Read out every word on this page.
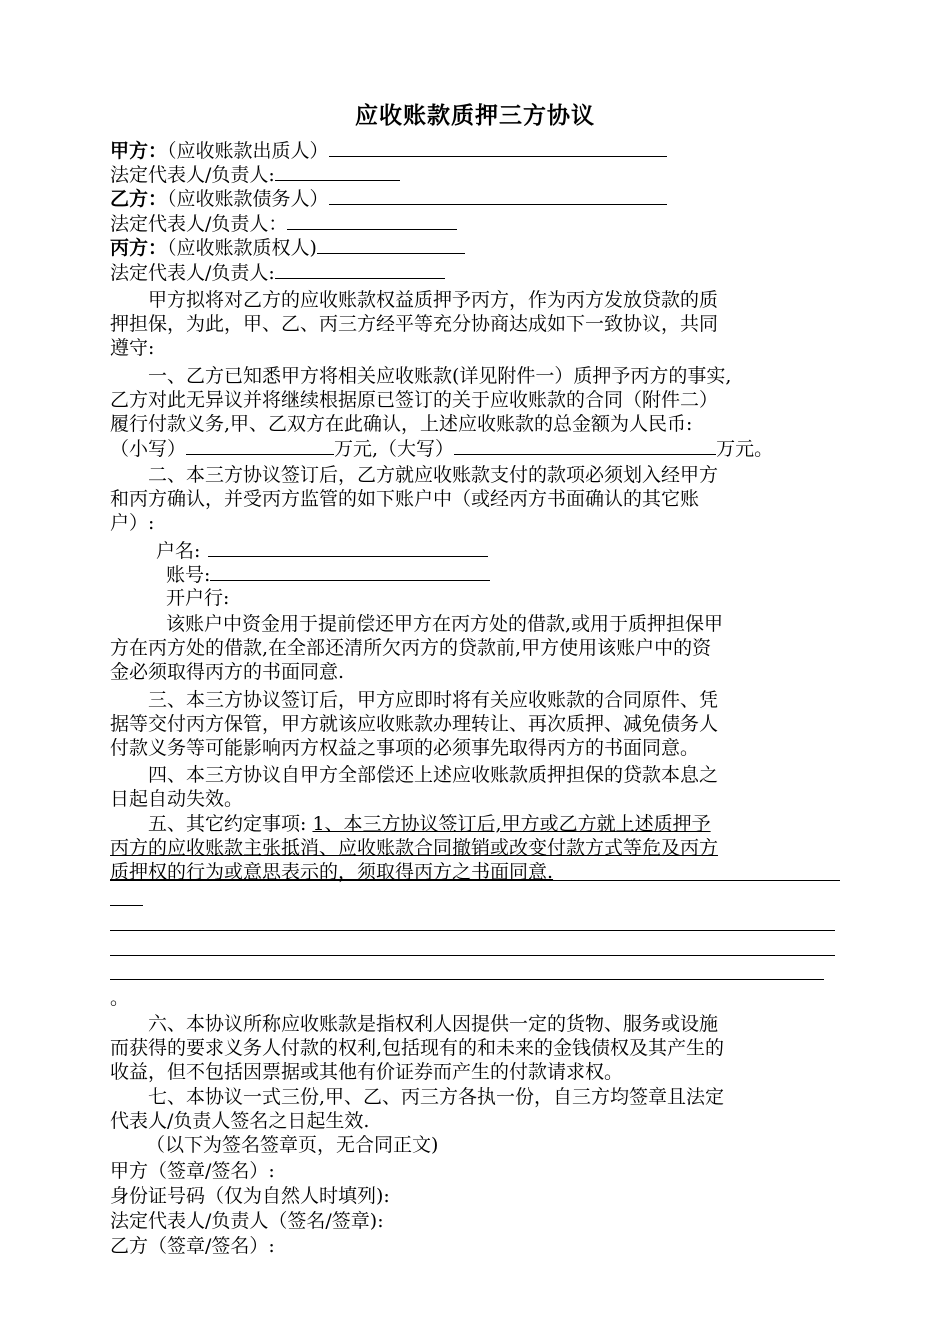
应收账款质押三方协议
甲方：（应收账款出质人）
法定代表人/负责人:
乙方：（应收账款债务人）
法定代表人/负责人：
丙方：（应收账款质权人)
法定代表人/负责人:
　　甲方拟将对乙方的应收账款权益质押予丙方，作为丙方发放贷款的质
押担保，为此，甲、乙、丙三方经平等充分协商达成如下一致协议，共同
遵守:
　　一、乙方已知悉甲方将相关应收账款(详见附件一）质押予丙方的事实,
乙方对此无异议并将继续根据原已签订的关于应收账款的合同（附件二）
履行付款义务,甲、乙双方在此确认，上述应收账款的总金额为人民币:
（小写）	万元,（大写）	万元。
　　二、本三方协议签订后，乙方就应收账款支付的款项必须划入经甲方
和丙方确认，并受丙方监管的如下账户中（或经丙方书面确认的其它账
户）:
户名:
账号:
开户行:
该账户中资金用于提前偿还甲方在丙方处的借款,或用于质押担保甲
方在丙方处的借款,在全部还清所欠丙方的贷款前,甲方使用该账户中的资
金必须取得丙方的书面同意.
　　三、本三方协议签订后，甲方应即时将有关应收账款的合同原件、凭
据等交付丙方保管，甲方就该应收账款办理转让、再次质押、减免债务人
付款义务等可能影响丙方权益之事项的必须事先取得丙方的书面同意。
　　四、本三方协议自甲方全部偿还上述应收账款质押担保的贷款本息之
日起自动失效。
　　五、其它约定事项: 1、本三方协议签订后,甲方或乙方就上述质押予
丙方的应收账款主张抵消、应收账款合同撤销或改变付款方式等危及丙方
质押权的行为或意思表示的，须取得丙方之书面同意.
。
　　六、本协议所称应收账款是指权利人因提供一定的货物、服务或设施
而获得的要求义务人付款的权利,包括现有的和未来的金钱债权及其产生的
收益，但不包括因票据或其他有价证券而产生的付款请求权。
　　七、本协议一式三份,甲、乙、丙三方各执一份，自三方均签章且法定
代表人/负责人签名之日起生效.
（以下为签名签章页，无合同正文)
甲方（签章/签名）:
身份证号码（仅为自然人时填列):
法定代表人/负责人（签名/签章):
乙方（签章/签名）:
